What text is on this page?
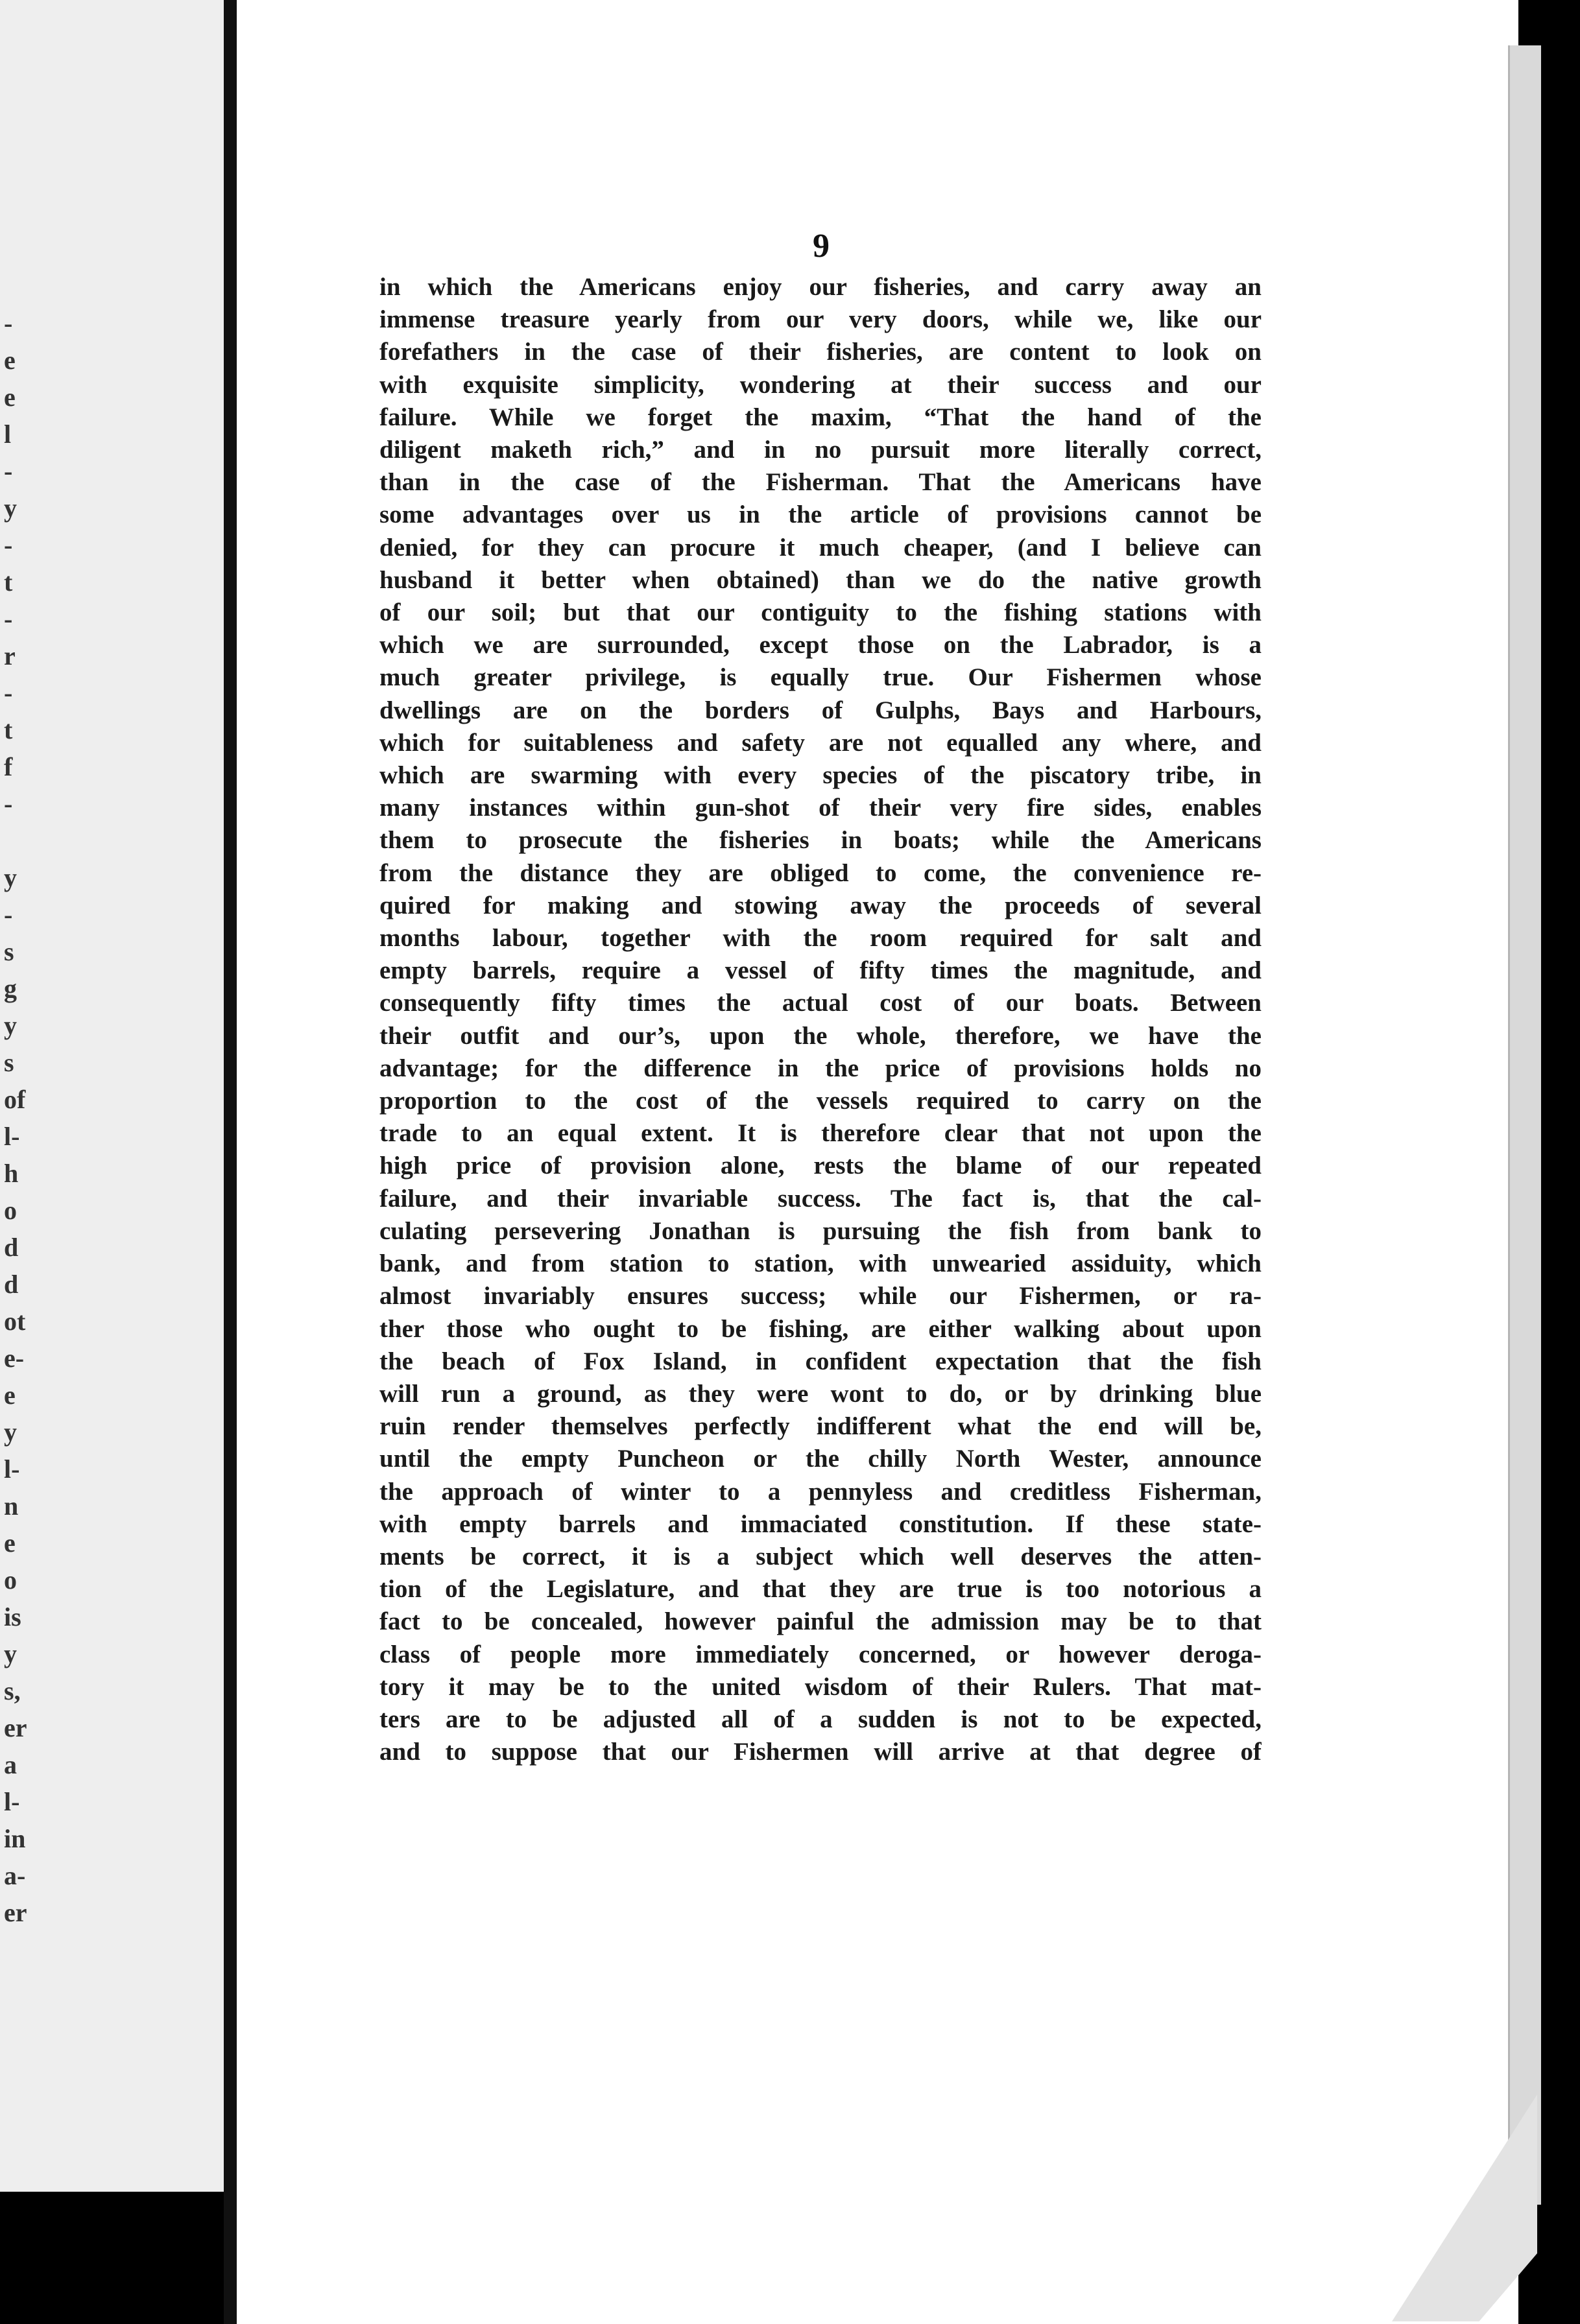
-
e
e
l
-
y
-
t
-
r
-
t
f
-
y
-
s
g
y
s
of
l-
h
o
d
d
ot
e-
e
y
l-
n
e
o
is
y
s,
er
a
l-
in
a-
er
9
in which the Americans enjoy our fisheries, and carry away an
immense treasure yearly from our very doors, while we, like our
forefathers in the case of their fisheries, are content to look on
with exquisite simplicity, wondering at their success and our
failure. While we forget the maxim, “That the hand of the
diligent maketh rich,” and in no pursuit more literally correct,
than in the case of the Fisherman. That the Americans have
some advantages over us in the article of provisions cannot be
denied, for they can procure it much cheaper, (and I believe can
husband it better when obtained) than we do the native growth
of our soil; but that our contiguity to the fishing stations with
which we are surrounded, except those on the Labrador, is a
much greater privilege, is equally true. Our Fishermen whose
dwellings are on the borders of Gulphs, Bays and Harbours,
which for suitableness and safety are not equalled any where, and
which are swarming with every species of the piscatory tribe, in
many instances within gun-shot of their very fire sides, enables
them to prosecute the fisheries in boats; while the Americans
from the distance they are obliged to come, the convenience re-
quired for making and stowing away the proceeds of several
months labour, together with the room required for salt and
empty barrels, require a vessel of fifty times the magnitude, and
consequently fifty times the actual cost of our boats. Between
their outfit and our’s, upon the whole, therefore, we have the
advantage; for the difference in the price of provisions holds no
proportion to the cost of the vessels required to carry on the
trade to an equal extent. It is therefore clear that not upon the
high price of provision alone, rests the blame of our repeated
failure, and their invariable success. The fact is, that the cal-
culating persevering Jonathan is pursuing the fish from bank to
bank, and from station to station, with unwearied assiduity, which
almost invariably ensures success; while our Fishermen, or ra-
ther those who ought to be fishing, are either walking about upon
the beach of Fox Island, in confident expectation that the fish
will run a ground, as they were wont to do, or by drinking blue
ruin render themselves perfectly indifferent what the end will be,
until the empty Puncheon or the chilly North Wester, announce
the approach of winter to a pennyless and creditless Fisherman,
with empty barrels and immaciated constitution. If these state-
ments be correct, it is a subject which well deserves the atten-
tion of the Legislature, and that they are true is too notorious a
fact to be concealed, however painful the admission may be to that
class of people more immediately concerned, or however deroga-
tory it may be to the united wisdom of their Rulers. That mat-
ters are to be adjusted all of a sudden is not to be expected,
and to suppose that our Fishermen will arrive at that degree of
